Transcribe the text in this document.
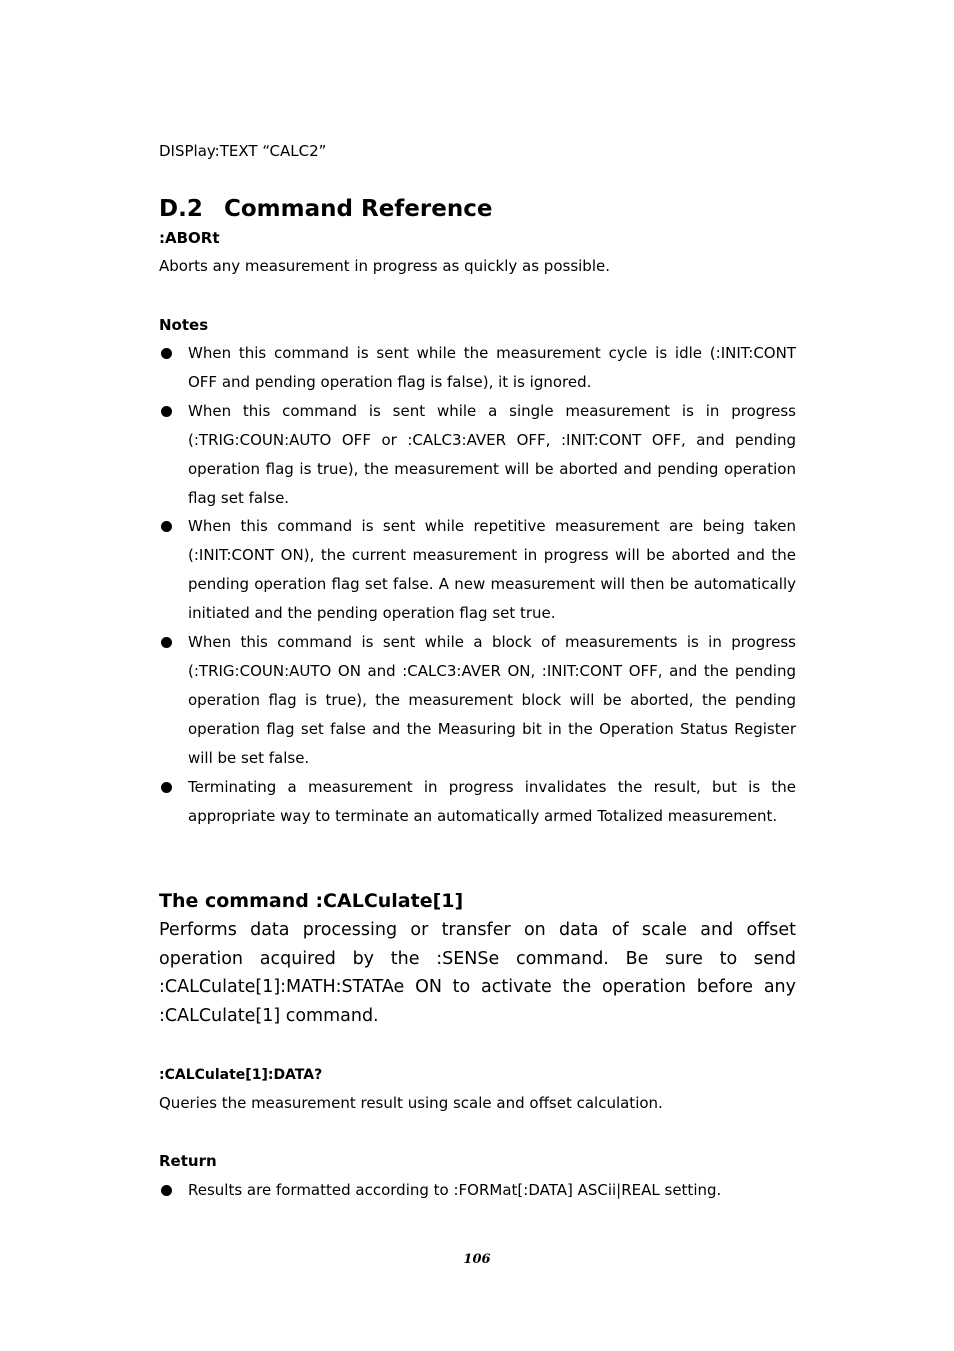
DISPlay:TEXT “CALC2”
D.2 Command Reference
:ABORt
Aborts any measurement in progress as quickly as possible.
Notes
When this command is sent while the measurement cycle is idle (:INIT:CONT OFF and pending operation flag is false), it is ignored.
When this command is sent while a single measurement is in progress (:TRIG:COUN:AUTO OFF or :CALC3:AVER OFF, :INIT:CONT OFF, and pending operation flag is true), the measurement will be aborted and pending operation flag set false.
When this command is sent while repetitive measurement are being taken (:INIT:CONT ON), the current measurement in progress will be aborted and the pending operation flag set false. A new measurement will then be automatically initiated and the pending operation flag set true.
When this command is sent while a block of measurements is in progress (:TRIG:COUN:AUTO ON and :CALC3:AVER ON, :INIT:CONT OFF, and the pending operation flag is true), the measurement block will be aborted, the pending operation flag set false and the Measuring bit in the Operation Status Register will be set false.
Terminating a measurement in progress invalidates the result, but is the appropriate way to terminate an automatically armed Totalized measurement.
The command :CALCulate[1]
Performs data processing or transfer on data of scale and offset operation acquired by the :SENSe command. Be sure to send :CALCulate[1]:MATH:STATAe ON to activate the operation before any :CALCulate[1] command.
:CALCulate[1]:DATA?
Queries the measurement result using scale and offset calculation.
Return
Results are formatted according to :FORMat[:DATA] ASCii|REAL setting.
106
